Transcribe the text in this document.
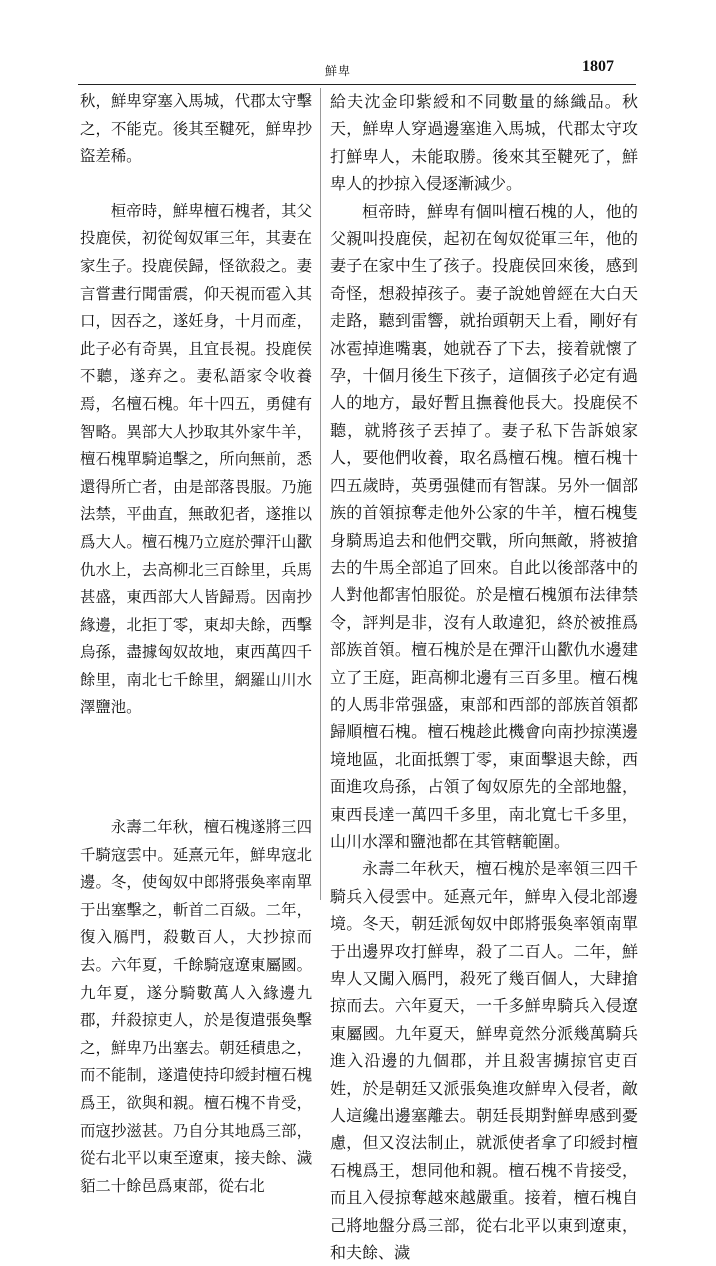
鮮卑	1807

秋，鮮卑穿塞入馬城，代郡太守擊之，不能克。後其至鞬死，鮮卑抄盜差稀。

桓帝時，鮮卑檀石槐者，其父投鹿侯，初從匈奴軍三年，其妻在家生子。投鹿侯歸，怪欲殺之。妻言嘗晝行聞雷震，仰天視而雹入其口，因吞之，遂妊身，十月而產，此子必有奇異，且宜長視。投鹿侯不聽，遂弃之。妻私語家令收養焉，名檀石槐。年十四五，勇健有智略。異部大人抄取其外家牛羊，檀石槐單騎追擊之，所向無前，悉還得所亡者，由是部落畏服。乃施法禁，平曲直，無敢犯者，遂推以爲大人。檀石槐乃立庭於彈汗山歠仇水上，去高柳北三百餘里，兵馬甚盛，東西部大人皆歸焉。因南抄緣邊，北拒丁零，東却夫餘，西擊烏孫，盡據匈奴故地，東西萬四千餘里，南北七千餘里，網羅山川水澤鹽池。

永壽二年秋，檀石槐遂將三四千騎寇雲中。延熹元年，鮮卑寇北邊。冬，使匈奴中郎將張奐率南單于出塞擊之，斬首二百級。二年，復入鴈門，殺數百人，大抄掠而去。六年夏，千餘騎寇遼東屬國。九年夏，遂分騎數萬人入緣邊九郡，幷殺掠吏人，於是復遣張奐擊之，鮮卑乃出塞去。朝廷積患之，而不能制，遂遣使持印綬封檀石槐爲王，欲與和親。檀石槐不肯受，而寇抄滋甚。乃自分其地爲三部，從右北平以東至遼東，接夫餘、濊貊二十餘邑爲東部，從右北

給夫沈金印紫綬和不同數量的絲織品。秋天，鮮卑人穿過邊塞進入馬城，代郡太守攻打鮮卑人，未能取勝。後來其至鞬死了，鮮卑人的抄掠入侵逐漸減少。

桓帝時，鮮卑有個叫檀石槐的人，他的父親叫投鹿侯，起初在匈奴從軍三年，他的妻子在家中生了孩子。投鹿侯回來後，感到奇怪，想殺掉孩子。妻子說她曾經在大白天走路，聽到雷響，就抬頭朝天上看，剛好有冰雹掉進嘴裏，她就吞了下去，接着就懷了孕，十個月後生下孩子，這個孩子必定有過人的地方，最好暫且撫養他長大。投鹿侯不聽，就將孩子丟掉了。妻子私下告訴娘家人，要他們收養，取名爲檀石槐。檀石槐十四五歲時，英勇强健而有智謀。另外一個部族的首領掠奪走他外公家的牛羊，檀石槐隻身騎馬追去和他們交戰，所向無敵，將被搶去的牛馬全部追了回來。自此以後部落中的人對他都害怕服從。於是檀石槐頒布法律禁令，評判是非，沒有人敢違犯，終於被推爲部族首領。檀石槐於是在彈汗山歠仇水邊建立了王庭，距高柳北邊有三百多里。檀石槐的人馬非常强盛，東部和西部的部族首領都歸順檀石槐。檀石槐趁此機會向南抄掠漢邊境地區，北面抵禦丁零，東面擊退夫餘，西面進攻烏孫，占領了匈奴原先的全部地盤，東西長達一萬四千多里，南北寬七千多里，山川水澤和鹽池都在其管轄範圍。

永壽二年秋天，檀石槐於是率領三四千騎兵入侵雲中。延熹元年，鮮卑入侵北部邊境。冬天，朝廷派匈奴中郎將張奐率領南單于出邊界攻打鮮卑，殺了二百人。二年，鮮卑人又闖入鴈門，殺死了幾百個人，大肆搶掠而去。六年夏天，一千多鮮卑騎兵入侵遼東屬國。九年夏天，鮮卑竟然分派幾萬騎兵進入沿邊的九個郡，并且殺害擄掠官吏百姓，於是朝廷又派張奐進攻鮮卑入侵者，敵人這纔出邊塞離去。朝廷長期對鮮卑感到憂慮，但又沒法制止，就派使者拿了印綬封檀石槐爲王，想同他和親。檀石槐不肯接受，而且入侵掠奪越來越嚴重。接着，檀石槐自己將地盤分爲三部，從右北平以東到遼東，和夫餘、濊
